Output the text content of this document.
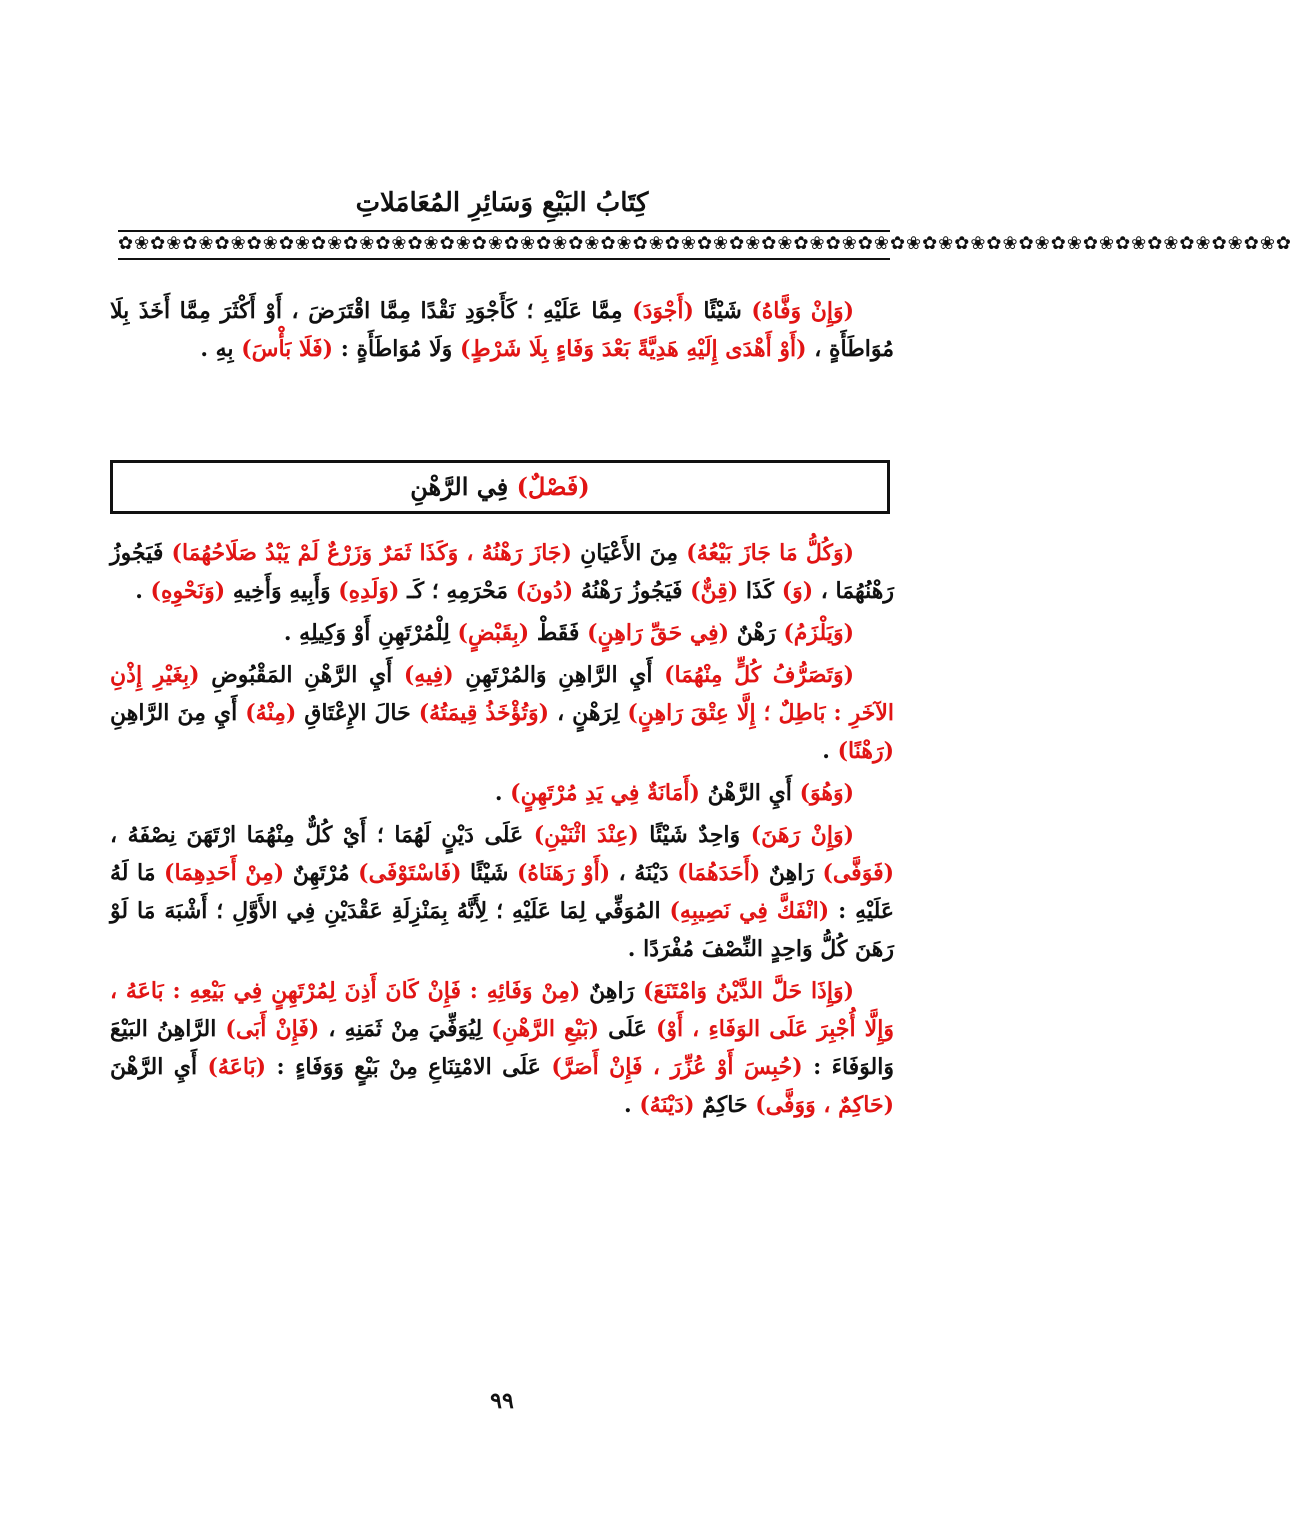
كِتَابُ البَيْعِ وَسَائِرِ المُعَامَلاتِ
✿❀✿❀✿❀✿❀✿❀✿❀✿❀✿❀✿❀✿❀✿❀✿❀✿❀✿❀✿❀✿❀✿❀✿❀✿❀✿❀✿❀✿❀✿❀✿❀✿❀✿❀✿❀✿❀✿❀✿❀✿❀✿❀✿❀✿❀✿❀✿❀✿

(وَإِنْ وَفَّاهُ) شَيْئًا (أَجْوَدَ) مِمَّا عَلَيْهِ ؛ كَأَجْوَدِ نَقْدًا مِمَّا اقْتَرَضَ ، أَوْ أَكْثَرَ مِمَّا أَخَذَ بِلَا مُوَاطَأَةٍ ، (أَوْ أَهْدَى إِلَيْهِ هَدِيَّةً بَعْدَ وَفَاءٍ بِلَا شَرْطٍ) وَلَا مُوَاطَأَةٍ : (فَلَا بَأْسَ) بِهِ .

(فَصْلٌ) فِي الرَّهْنِ

(وَكُلُّ مَا جَازَ بَيْعُهُ) مِنَ الأَعْيَانِ (جَازَ رَهْنُهُ ، وَكَذَا ثَمَرٌ وَزَرْعٌ لَمْ يَبْدُ صَلَاحُهُمَا) فَيَجُوزُ رَهْنُهُمَا ، (وَ) كَذَا (قِنٌّ) فَيَجُوزُ رَهْنُهُ (دُونَ) مَحْرَمِهِ ؛ كَـ (وَلَدِهِ) وَأَبِيهِ وَأَخِيهِ (وَنَحْوِهِ) .

(وَيَلْزَمُ) رَهْنٌ (فِي حَقِّ رَاهِنٍ) فَقَطْ (بِقَبْضٍ) لِلْمُرْتَهِنِ أَوْ وَكِيلِهِ .

(وَتَصَرُّفُ كُلٍّ مِنْهُمَا) أَيِ الرَّاهِنِ وَالمُرْتَهِنِ (فِيهِ) أَيِ الرَّهْنِ المَقْبُوضِ (بِغَيْرِ إِذْنِ الآخَرِ : بَاطِلٌ ؛ إِلَّا عِتْقَ رَاهِنٍ) لِرَهْنٍ ، (وَتُؤْخَذُ قِيمَتُهُ) حَالَ الإِعْتَاقِ (مِنْهُ) أَيِ مِنَ الرَّاهِنِ (رَهْنًا) .

(وَهُوَ) أَيِ الرَّهْنُ (أَمَانَةٌ فِي يَدِ مُرْتَهِنٍ) .

(وَإِنْ رَهَنَ) وَاحِدٌ شَيْئًا (عِنْدَ اثْنَيْنِ) عَلَى دَيْنٍ لَهُمَا ؛ أَيْ كُلٌّ مِنْهُمَا ارْتَهَنَ نِصْفَهُ ، (فَوَفَّى) رَاهِنٌ (أَحَدَهُمَا) دَيْنَهُ ، (أَوْ رَهَنَاهُ) شَيْئًا (فَاسْتَوْفَى) مُرْتَهِنٌ (مِنْ أَحَدِهِمَا) مَا لَهُ عَلَيْهِ : (انْفَكَّ فِي نَصِيبِهِ) المُوَفِّي لِمَا عَلَيْهِ ؛ لِأَنَّهُ بِمَنْزِلَةِ عَقْدَيْنِ فِي الأَوَّلِ ؛ أَشْبَهَ مَا لَوْ رَهَنَ كُلُّ وَاحِدٍ النِّصْفَ مُفْرَدًا .

(وَإِذَا حَلَّ الدَّيْنُ وَامْتَنَعَ) رَاهِنٌ (مِنْ وَفَائِهِ : فَإِنْ كَانَ أَذِنَ لِمُرْتَهِنٍ فِي بَيْعِهِ : بَاعَهُ ، وَإِلَّا أُجْبِرَ عَلَى الوَفَاءِ ، أَوْ) عَلَى (بَيْعِ الرَّهْنِ) لِيُوَفِّيَ مِنْ ثَمَنِهِ ، (فَإِنْ أَبَى) الرَّاهِنُ البَيْعَ وَالوَفَاءَ : (حُبِسَ أَوْ عُزِّرَ ، فَإِنْ أَصَرَّ) عَلَى الامْتِنَاعِ مِنْ بَيْعٍ وَوَفَاءٍ : (بَاعَهُ) أَيِ الرَّهْنَ (حَاكِمٌ ، وَوَفَّى) حَاكِمٌ (دَيْنَهُ) .

٩٩
